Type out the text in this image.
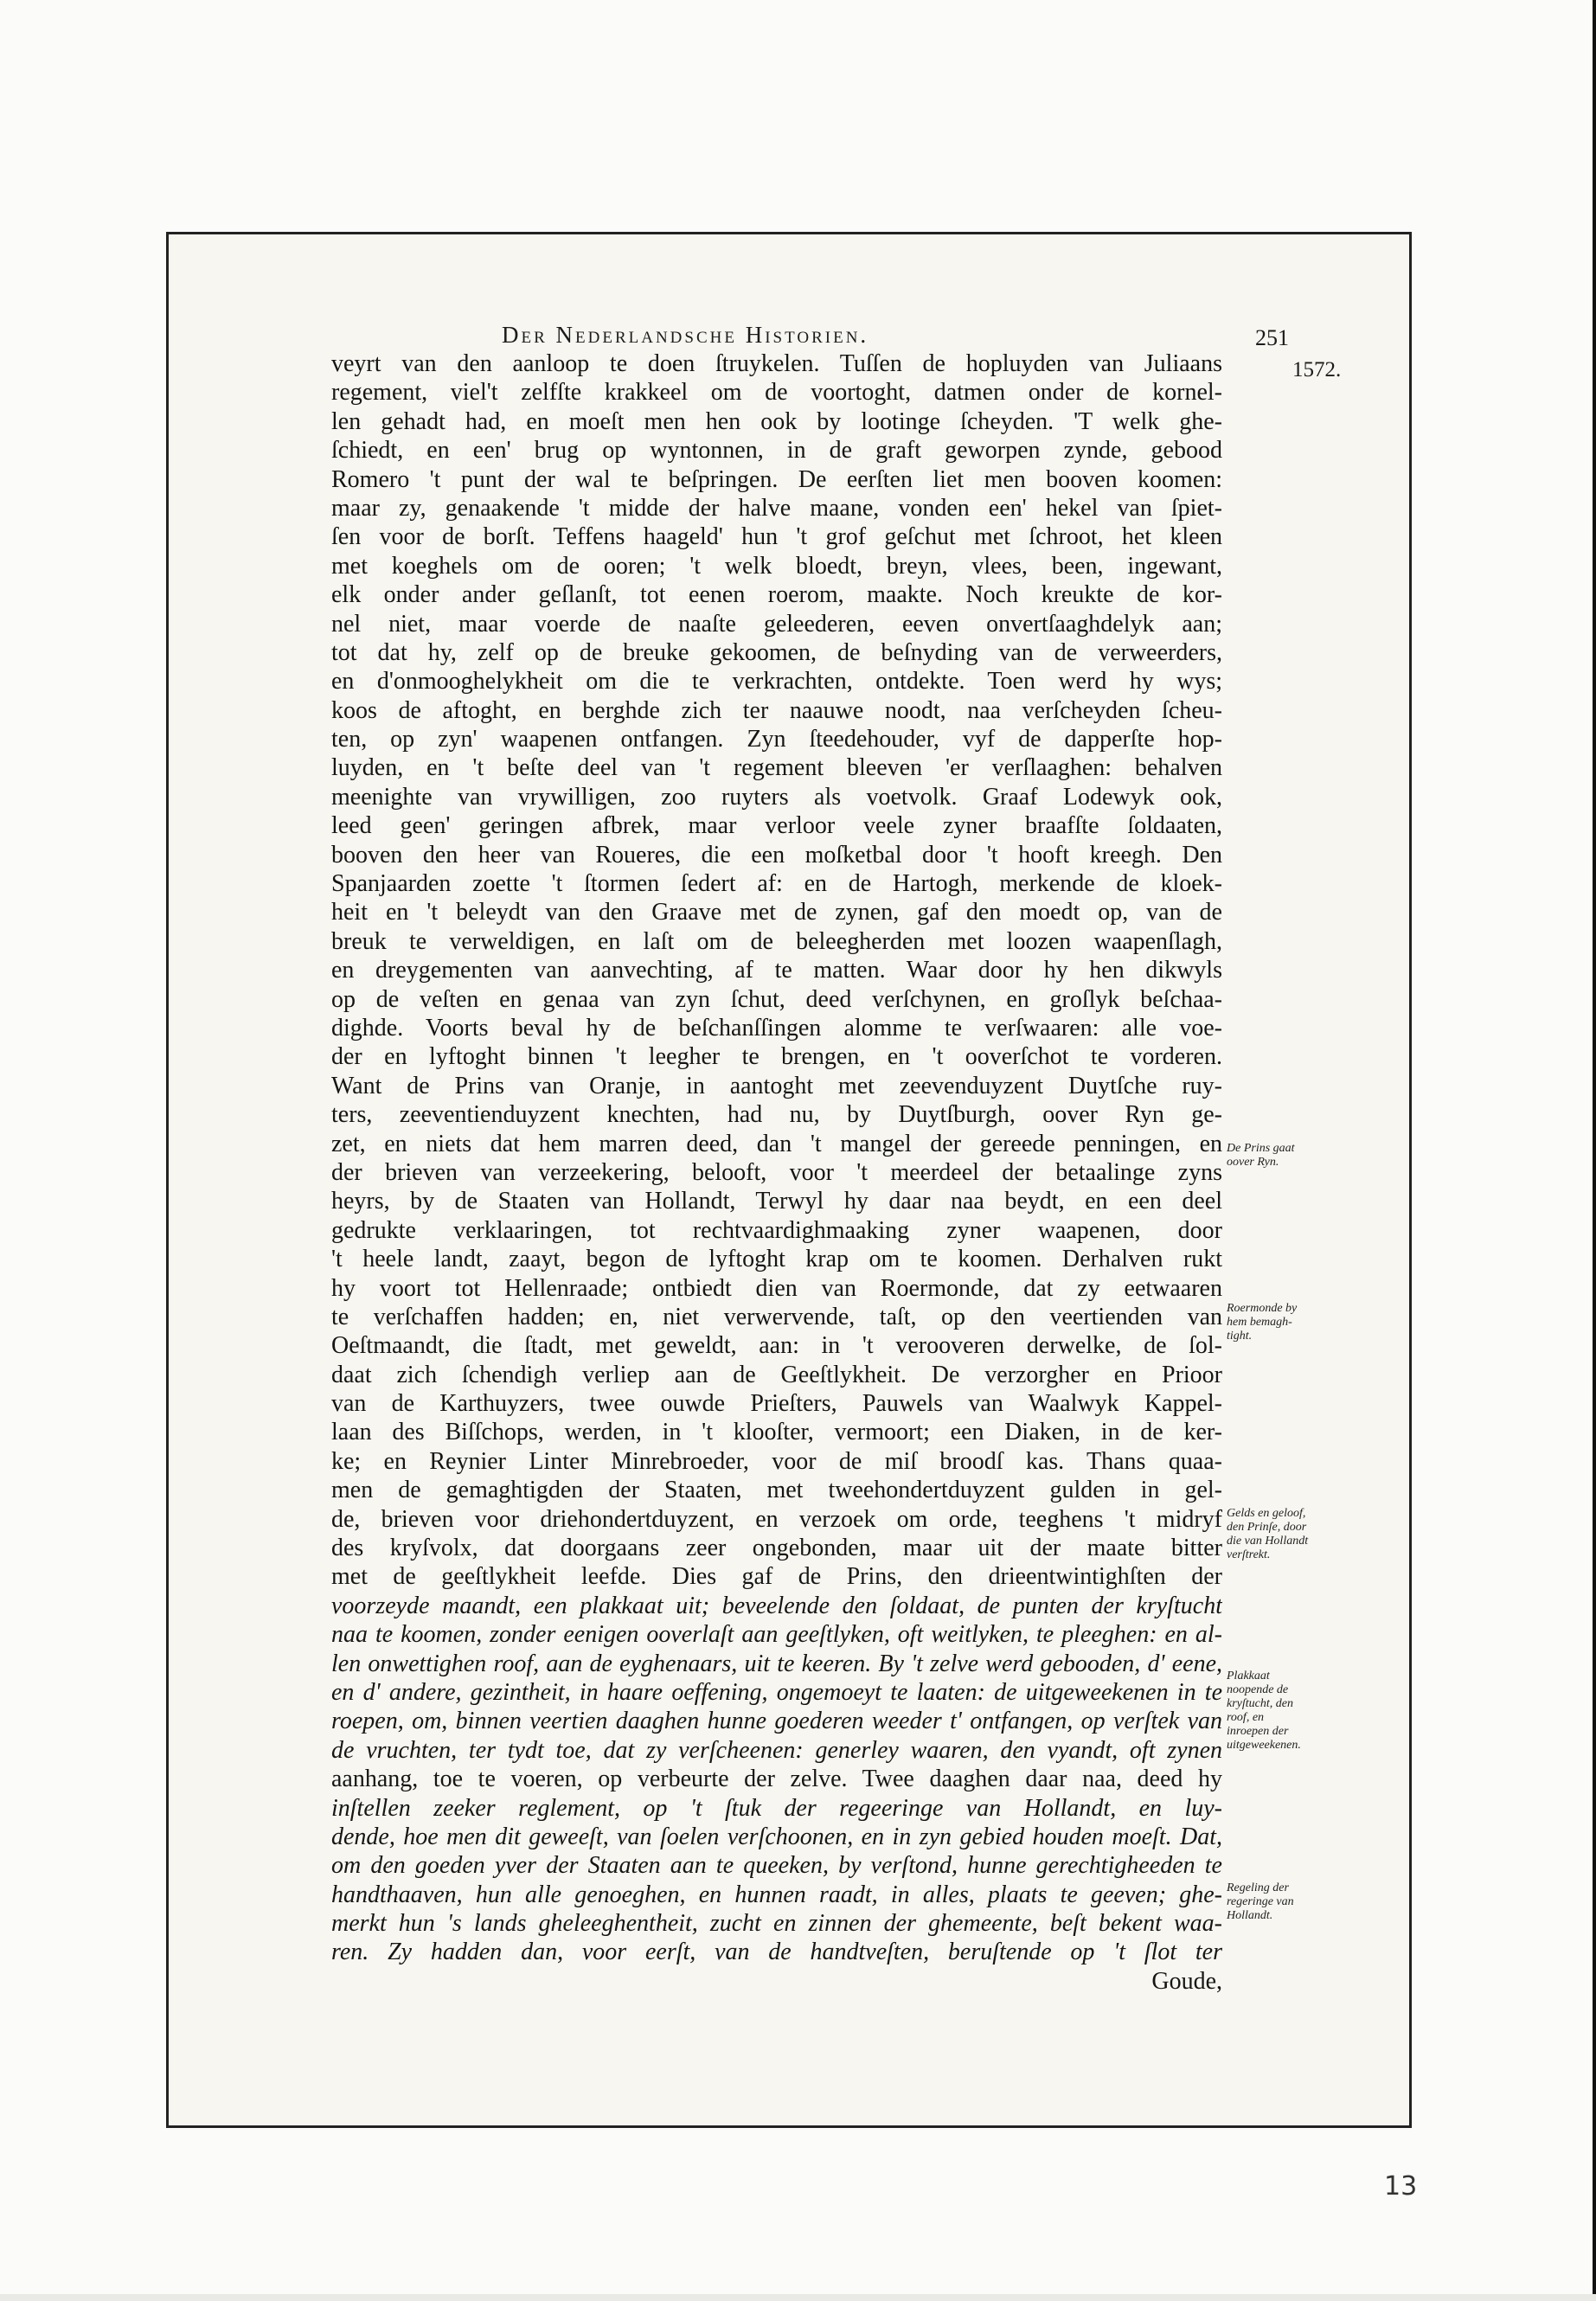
Der Nederlandsche Historien.	251
1572.
veyrt van den aanloop te doen ſtruykelen. Tuſſen de hopluyden van Juliaans
regement, viel't zelfſte krakkeel om de voortoght, datmen onder de kornel-
len gehadt had, en moeſt men hen ook by lootinge ſcheyden. 'T welk ghe-
ſchiedt, en een' brug op wyntonnen, in de graft geworpen zynde, gebood
Romero 't punt der wal te beſpringen. De eerſten liet men booven koomen:
maar zy, genaakende 't midde der halve maane, vonden een' hekel van ſpiet-
ſen voor de borſt. Teffens haageld' hun 't grof geſchut met ſchroot, het kleen
met koeghels om de ooren; 't welk bloedt, breyn, vlees, been, ingewant,
elk onder ander geſlanſt, tot eenen roerom, maakte. Noch kreukte de kor-
nel niet, maar voerde de naaſte geleederen, eeven onvertſaaghdelyk aan;
tot dat hy, zelf op de breuke gekoomen, de beſnyding van de verweerders,
en d'onmooghelykheit om die te verkrachten, ontdekte. Toen werd hy wys;
koos de aftoght, en berghde zich ter naauwe noodt, naa verſcheyden ſcheu-
ten, op zyn' waapenen ontfangen. Zyn ſteedehouder, vyf de dapperſte hop-
luyden, en 't beſte deel van 't regement bleeven 'er verſlaaghen: behalven
meenighte van vrywilligen, zoo ruyters als voetvolk. Graaf Lodewyk ook,
leed geen' geringen afbrek, maar verloor veele zyner braafſte ſoldaaten,
booven den heer van Roueres, die een moſketbal door 't hooft kreegh. Den
Spanjaarden zoette 't ſtormen ſedert af: en de Hartogh, merkende de kloek-
heit en 't beleydt van den Graave met de zynen, gaf den moedt op, van de
breuk te verweldigen, en laſt om de beleegherden met loozen waapenſlagh,
en dreygementen van aanvechting, af te matten. Waar door hy hen dikwyls
op de veſten en genaa van zyn ſchut, deed verſchynen, en groſlyk beſchaa-
dighde. Voorts beval hy de beſchanſſingen alomme te verſwaaren: alle voe-
der en lyftoght binnen 't leegher te brengen, en 't ooverſchot te vorderen.
Want de Prins van Oranje, in aantoght met zeevenduyzent Duytſche ruy-
ters, zeeventienduyzent knechten, had nu, by Duytſburgh, oover Ryn ge-
zet, en niets dat hem marren deed, dan 't mangel der gereede penningen, en
der brieven van verzeekering, belooft, voor 't meerdeel der betaalinge zyns
heyrs, by de Staaten van Hollandt, Terwyl hy daar naa beydt, en een deel
gedrukte verklaaringen, tot rechtvaardighmaaking zyner waapenen, door
't heele landt, zaayt, begon de lyftoght krap om te koomen. Derhalven rukt
hy voort tot Hellenraade; ontbiedt dien van Roermonde, dat zy eetwaaren
te verſchaffen hadden; en, niet verwervende, taſt, op den veertienden van
Oeſtmaandt, die ſtadt, met geweldt, aan: in 't verooveren derwelke, de ſol-
daat zich ſchendigh verliep aan de Geeſtlykheit. De verzorgher en Prioor
van de Karthuyzers, twee ouwde Prieſters, Pauwels van Waalwyk Kappel-
laan des Biſſchops, werden, in 't klooſter, vermoort; een Diaken, in de ker-
ke; en Reynier Linter Minrebroeder, voor de miſ broodſ kas. Thans quaa-
men de gemaghtigden der Staaten, met tweehondertduyzent gulden in gel-
de, brieven voor driehondertduyzent, en verzoek om orde, teeghens 't midryf
des kryſvolx, dat doorgaans zeer ongebonden, maar uit der maate bitter
met de geeſtlykheit leefde. Dies gaf de Prins, den drieentwintighſten der
voorzeyde maandt, een plakkaat uit; beveelende den ſoldaat, de punten der kryſtucht
naa te koomen, zonder eenigen ooverlaſt aan geeſtlyken, oft weitlyken, te pleeghen: en al-
len onwettighen roof, aan de eyghenaars, uit te keeren. By 't zelve werd gebooden, d' eene,
en d' andere, gezintheit, in haare oeffening, ongemoeyt te laaten: de uitgeweekenen in te
roepen, om, binnen veertien daaghen hunne goederen weeder t' ontfangen, op verſtek van
de vruchten, ter tydt toe, dat zy verſcheenen: generley waaren, den vyandt, oft zynen
aanhang, toe te voeren, op verbeurte der zelve. Twee daaghen daar naa, deed hy
inſtellen zeeker reglement, op 't ſtuk der regeeringe van Hollandt, en luy-
dende, hoe men dit geweeſt, van ſoelen verſchoonen, en in zyn gebied houden moeſt. Dat,
om den goeden yver der Staaten aan te queeken, by verſtond, hunne gerechtigheeden te
handthaaven, hun alle genoeghen, en hunnen raadt, in alles, plaats te geeven; ghe-
merkt hun 's lands gheleeghentheit, zucht en zinnen der ghemeente, beſt bekent waa-
ren. Zy hadden dan, voor eerſt, van de handtveſten, beruſtende op 't ſlot ter
Goude,
De Prins gaat oover Ryn.
Roermonde by hem bemaghtight.
Gelds en geloof, den Prinſe, door die van Hollandt verſtrekt.
Plakkaat noopende de kryſtucht, den roof, en inroepen der uitgeweekenen.
Regeling der regeringe van Hollandt.
13
